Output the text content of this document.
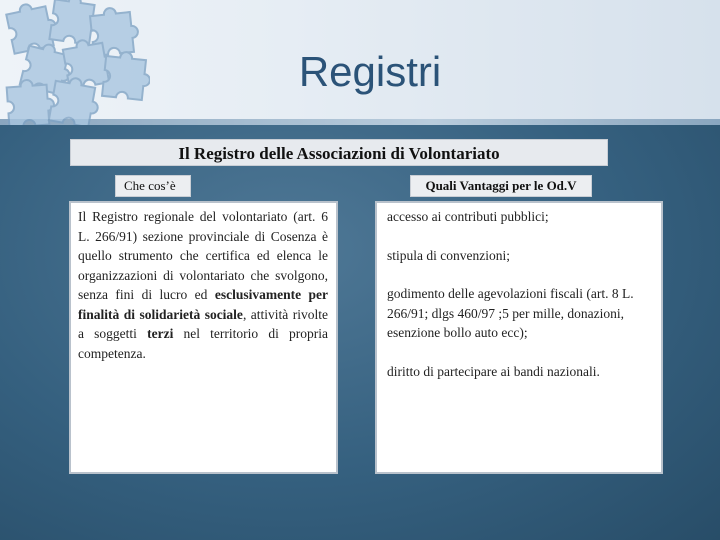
Registri
Il Registro delle Associazioni di Volontariato
Che cos’è	Quali Vantaggi per le Od.V
Il Registro regionale del volontariato (art. 6 L. 266/91) sezione provinciale di Cosenza è quello strumento che certifica ed elenca le organizzazioni di volontariato che svolgono, senza fini di lucro ed esclusivamente per finalità di solidarietà sociale, attività rivolte a soggetti terzi nel territorio di propria competenza.

accesso ai contributi pubblici;

stipula di convenzioni;

godimento delle agevolazioni fiscali (art. 8 L. 266/91; dlgs 460/97 ;5 per mille, donazioni, esenzione bollo auto ecc);

diritto di partecipare ai bandi nazionali.
